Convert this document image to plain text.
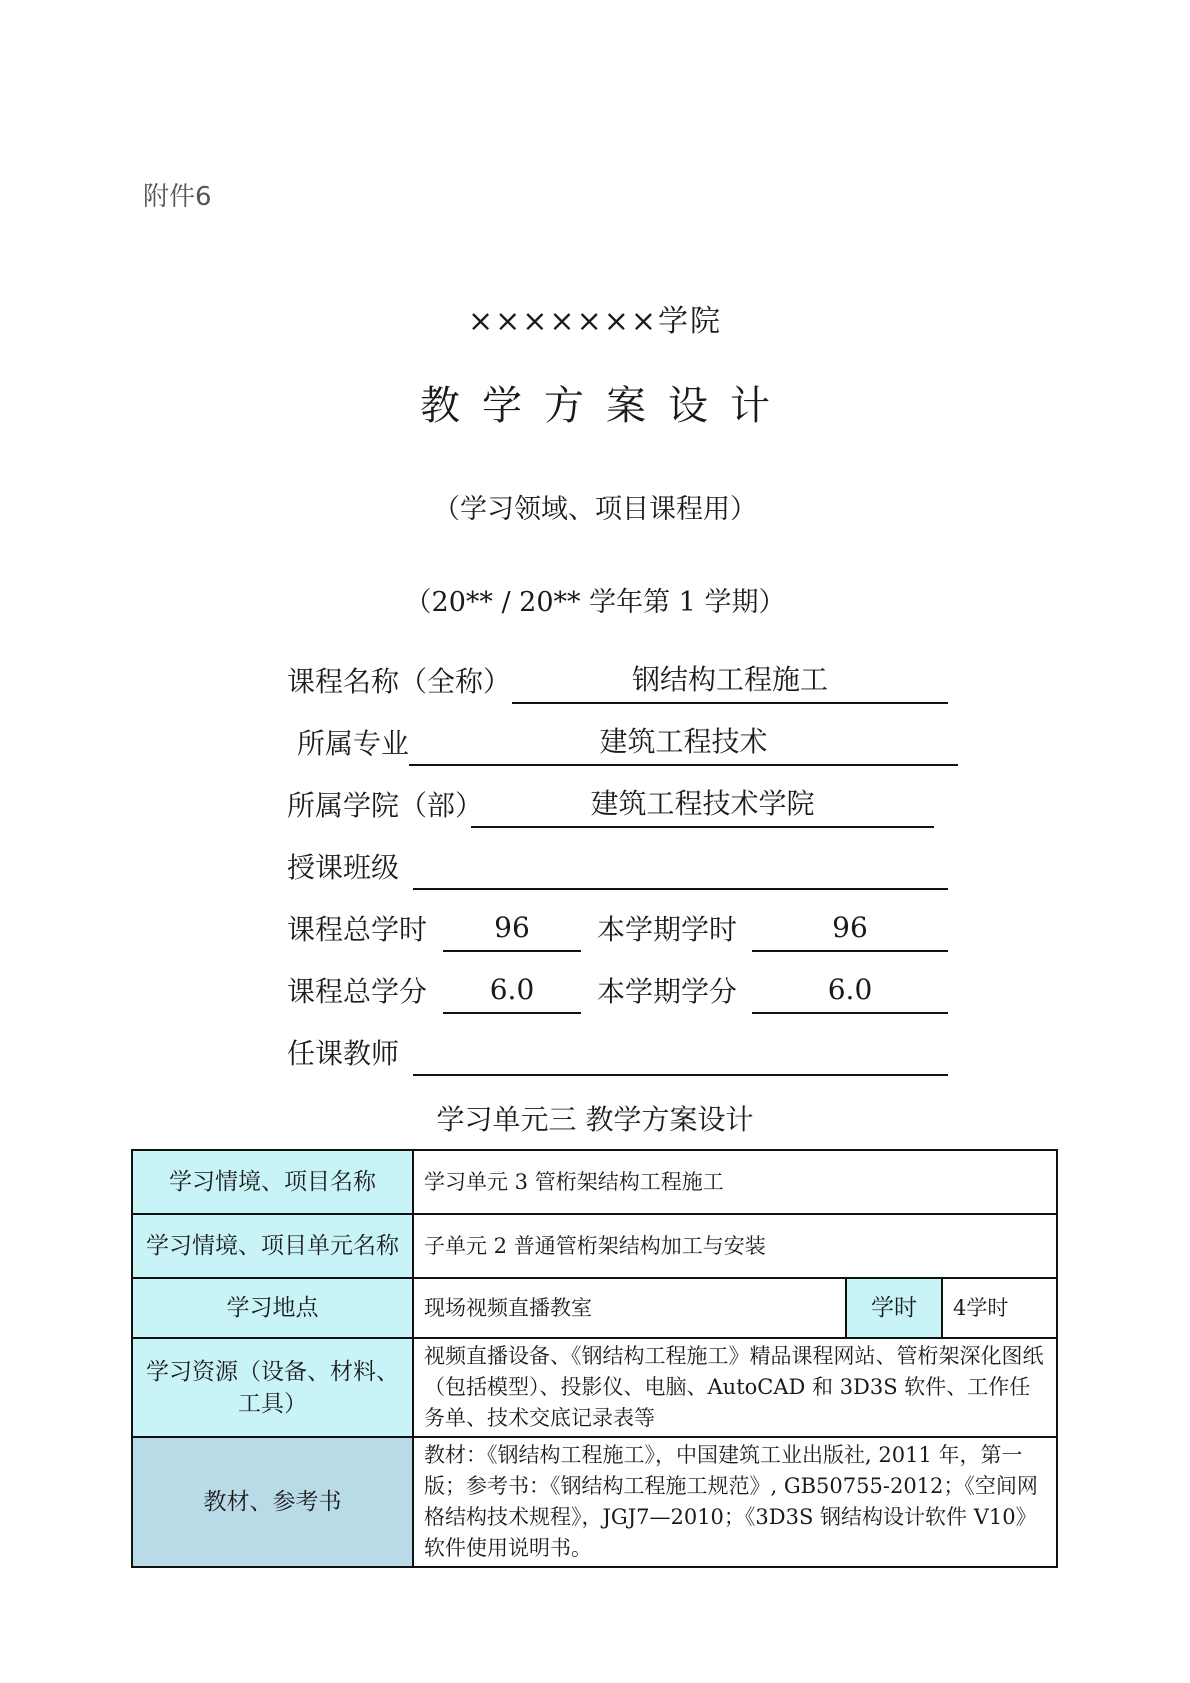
附件6
×××××××学院
教学方案设计
（学习领域、项目课程用）
（20** / 20** 学年第 1 学期）
课程名称（全称）	钢结构工程施工
所属专业	建筑工程技术
所属学院（部）	建筑工程技术学院
授课班级
课程总学时	96	本学期学时	96
课程总学分	6.0	本学期学分	6.0
任课教师
学习单元三 教学方案设计
学习情境、项目名称	学习单元 3 管桁架结构工程施工		
学习情境、项目单元名称	子单元 2 普通管桁架结构加工与安装		
学习地点	现场视频直播教室	学时	4学时
学习资源（设备、材料、工具）	视频直播设备、《钢结构工程施工》精品课程网站、管桁架深化图纸（包括模型）、投影仪、电脑、AutoCAD 和 3D3S 软件、工作任务单、技术交底记录表等		
教材、参考书	教材：《钢结构工程施工》，中国建筑工业出版社, 2011 年，第一版；参考书：《钢结构工程施工规范》, GB50755-2012；《空间网格结构技术规程》，JGJ7—2010；《3D3S 钢结构设计软件 V10》软件使用说明书。		
